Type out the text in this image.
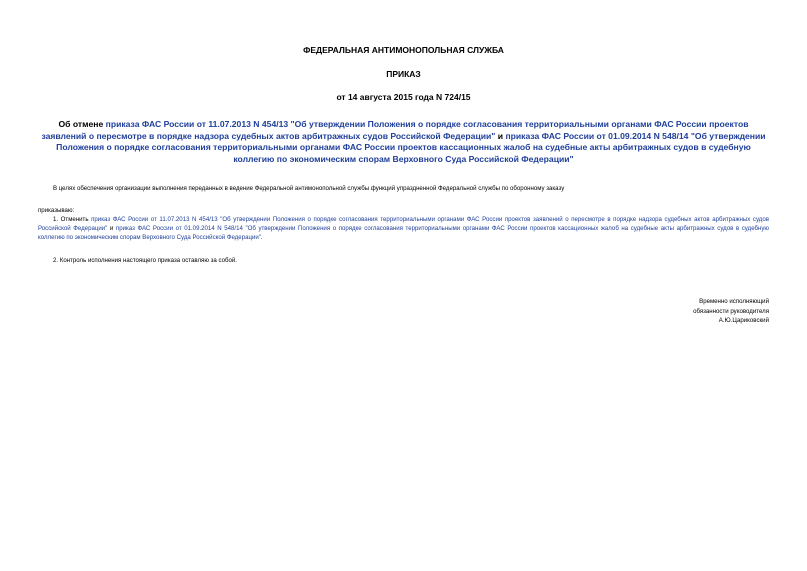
ФЕДЕРАЛЬНАЯ АНТИМОНОПОЛЬНАЯ СЛУЖБА
ПРИКАЗ
от 14 августа 2015 года N 724/15
Об отмене приказа ФАС России от 11.07.2013 N 454/13 "Об утверждении Положения о порядке согласования территориальными органами ФАС России проектов заявлений о пересмотре в порядке надзора судебных актов арбитражных судов Российской Федерации" и приказа ФАС России от 01.09.2014 N 548/14 "Об утверждении Положения о порядке согласования территориальными органами ФАС России проектов кассационных жалоб на судебные акты арбитражных судов в судебную коллегию по экономическим спорам Верховного Суда Российской Федерации"
В целях обеспечения организации выполнения переданных в ведение Федеральной антимонопольной службы функций упраздненной Федеральной службы по оборонному заказу
приказываю:
1. Отменить приказ ФАС России от 11.07.2013 N 454/13 "Об утверждении Положения о порядке согласования территориальными органами ФАС России проектов заявлений о пересмотре в порядке надзора судебных актов арбитражных судов Российской Федерации" и приказ ФАС России от 01.09.2014 N 548/14 "Об утверждении Положения о порядке согласования территориальными органами ФАС России проектов кассационных жалоб на судебные акты арбитражных судов в судебную коллегию по экономическим спорам Верховного Суда Российской Федерации".
2. Контроль исполнения настоящего приказа оставляю за собой.
Временно исполняющий
обязанности руководителя
А.Ю.Цариковский
